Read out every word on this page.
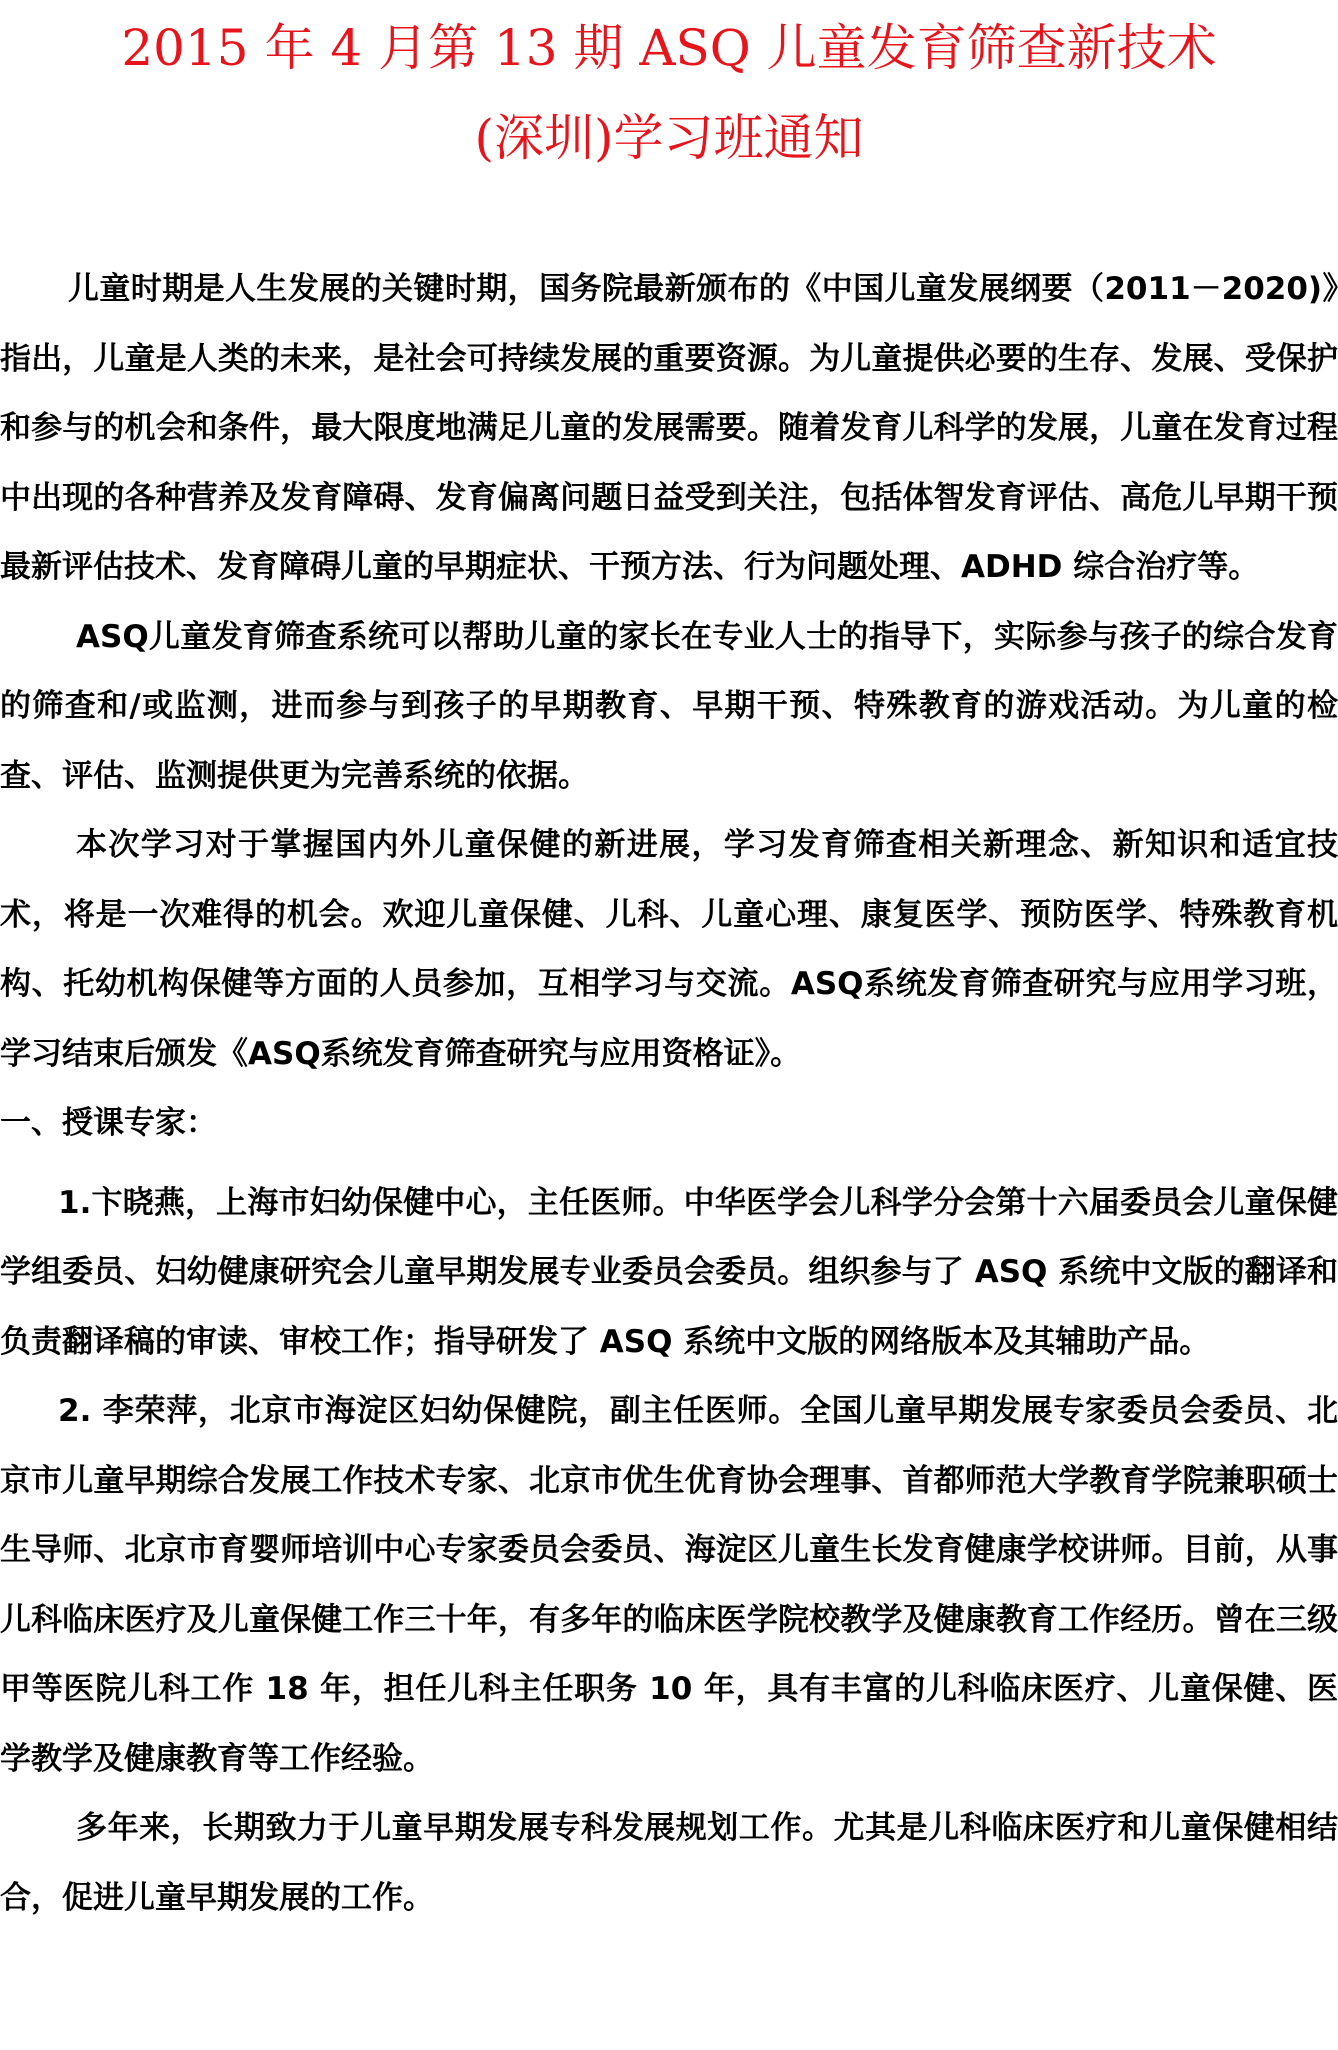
2015 年 4 月第 13 期 ASQ 儿童发育筛查新技术
(深圳)学习班通知

儿童时期是人生发展的关键时期，国务院最新颁布的《中国儿童发展纲要（2011－2020)》指出，儿童是人类的未来，是社会可持续发展的重要资源。为儿童提供必要的生存、发展、受保护和参与的机会和条件，最大限度地满足儿童的发展需要。随着发育儿科学的发展，儿童在发育过程中出现的各种营养及发育障碍、发育偏离问题日益受到关注，包括体智发育评估、高危儿早期干预最新评估技术、发育障碍儿童的早期症状、干预方法、行为问题处理、ADHD 综合治疗等。

ASQ儿童发育筛查系统可以帮助儿童的家长在专业人士的指导下，实际参与孩子的综合发育的筛查和/或监测，进而参与到孩子的早期教育、早期干预、特殊教育的游戏活动。为儿童的检查、评估、监测提供更为完善系统的依据。

本次学习对于掌握国内外儿童保健的新进展，学习发育筛查相关新理念、新知识和适宜技术，将是一次难得的机会。欢迎儿童保健、儿科、儿童心理、康复医学、预防医学、特殊教育机构、托幼机构保健等方面的人员参加，互相学习与交流。ASQ系统发育筛查研究与应用学习班，学习结束后颁发《ASQ系统发育筛查研究与应用资格证》。

一、授课专家：

1.卞晓燕，上海市妇幼保健中心，主任医师。中华医学会儿科学分会第十六届委员会儿童保健学组委员、妇幼健康研究会儿童早期发展专业委员会委员。组织参与了 ASQ 系统中文版的翻译和负责翻译稿的审读、审校工作；指导研发了 ASQ 系统中文版的网络版本及其辅助产品。

2. 李荣萍，北京市海淀区妇幼保健院，副主任医师。全国儿童早期发展专家委员会委员、北京市儿童早期综合发展工作技术专家、北京市优生优育协会理事、首都师范大学教育学院兼职硕士生导师、北京市育婴师培训中心专家委员会委员、海淀区儿童生长发育健康学校讲师。目前，从事儿科临床医疗及儿童保健工作三十年，有多年的临床医学院校教学及健康教育工作经历。曾在三级甲等医院儿科工作 18 年，担任儿科主任职务 10 年，具有丰富的儿科临床医疗、儿童保健、医学教学及健康教育等工作经验。

多年来，长期致力于儿童早期发展专科发展规划工作。尤其是儿科临床医疗和儿童保健相结合，促进儿童早期发展的工作。
